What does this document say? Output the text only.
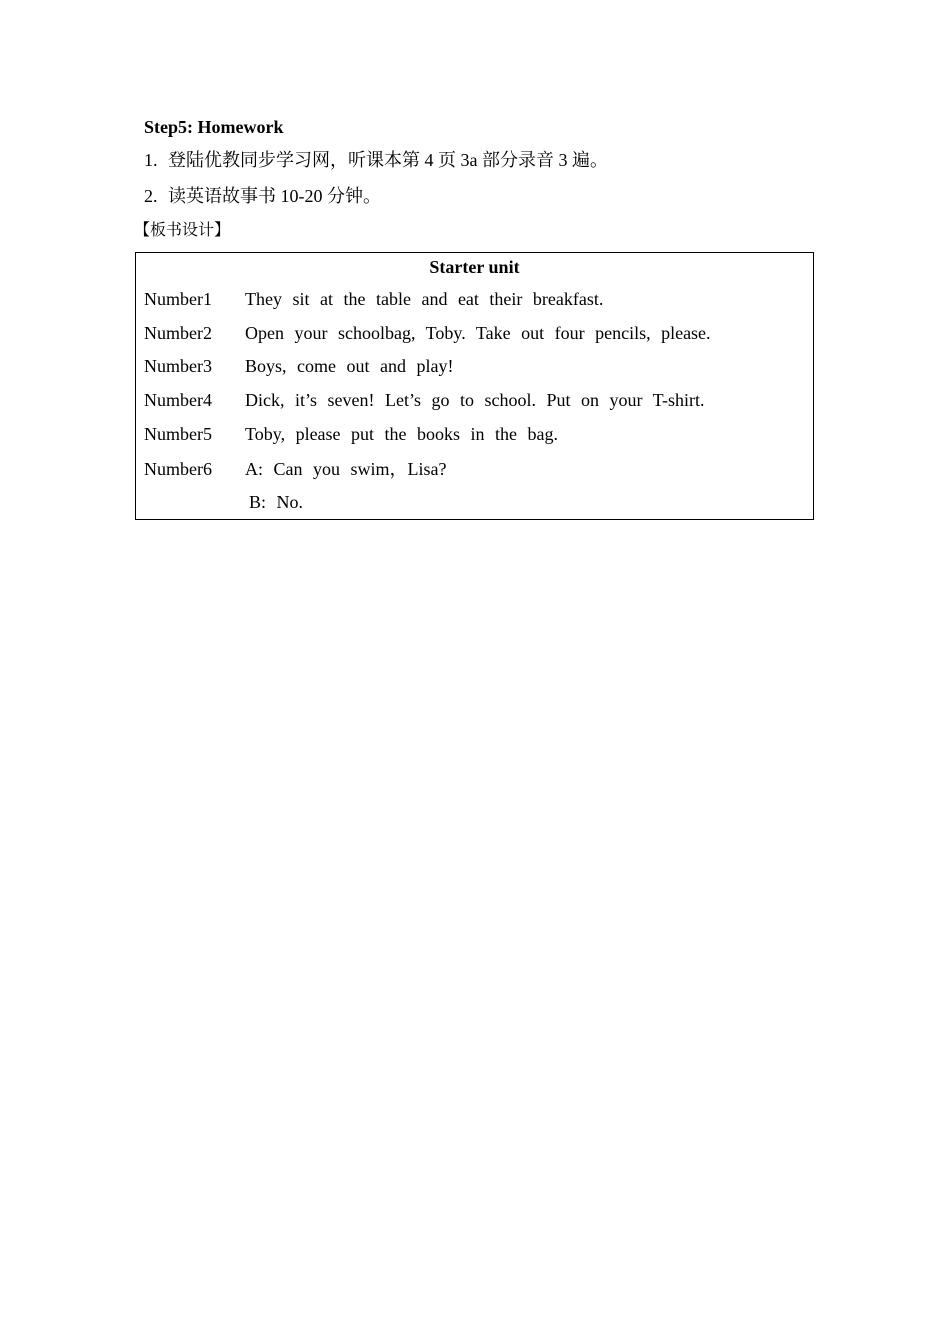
Step5: Homework
1. 登陆优教同步学习网，听课本第 4 页 3a 部分录音 3 遍。
2. 读英语故事书 10-20 分钟。
【板书设计】
Starter unit
Number1 They sit at the table and eat their breakfast.
Number2 Open your schoolbag, Toby. Take out four pencils, please.
Number3 Boys, come out and play!
Number4 Dick, it’s seven! Let’s go to school. Put on your T-shirt.
Number5 Toby, please put the books in the bag.
Number6 A: Can you swim，Lisa?
B: No.
